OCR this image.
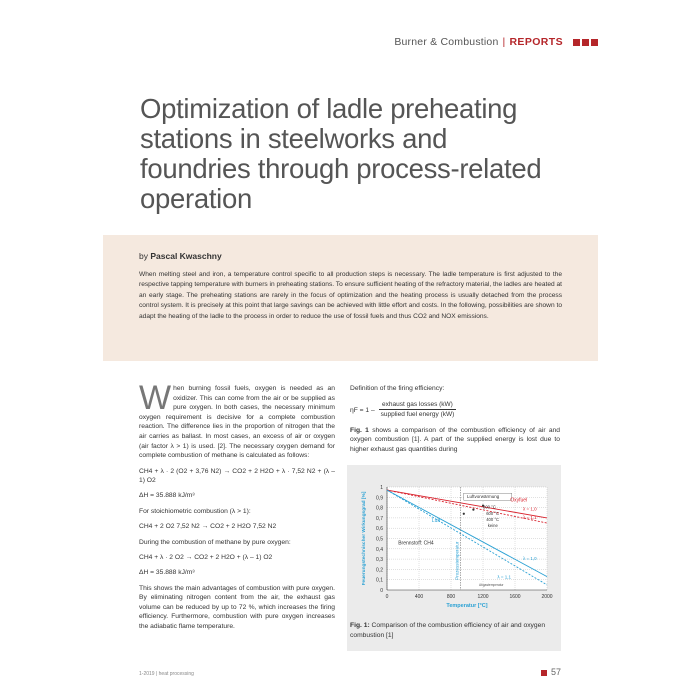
Burner & Combustion | REPORTS
Optimization of ladle preheating stations in steelworks and foundries through process-related operation
by Pascal Kwaschny
When melting steel and iron, a temperature control specific to all production steps is necessary. The ladle temperature is first adjusted to the respective tapping temperature with burners in preheating stations. To ensure sufficient heating of the refractory material, the ladles are heated at an early stage. The preheating stations are rarely in the focus of optimization and the heating process is usually detached from the process control system. It is precisely at this point that large savings can be achieved with little effort and costs. In the following, possibilities are shown to adapt the heating of the ladle to the process in order to reduce the use of fossil fuels and thus CO2 and NOX emissions.

When burning fossil fuels, oxygen is needed as an oxidizer. This can come from the air or be supplied as pure oxygen. In both cases, the necessary minimum oxygen requirement is decisive for a complete combustion reaction. The difference lies in the proportion of nitrogen that the air carries as ballast. In most cases, an excess of air or oxygen (air factor λ > 1) is used. [2]. The necessary oxygen demand for complete combustion of methane is calculated as follows:

CH4 + λ · 2 (O2 + 3,76 N2) → CO2 + 2 H2O + λ · 7,52 N2 + (λ – 1) O2

ΔH = 35.888 kJ/m³

For stoichiometric combustion (λ > 1):

CH4 + 2 O2 7,52 N2 → CO2 + 2 H2O 7,52 N2

During the combustion of methane by pure oxygen:

CH4 + λ · 2 O2 → CO2 + 2 H2O + (λ – 1) O2

ΔH = 35.888 kJ/m³

This shows the main advantages of combustion with pure oxygen. By eliminating nitrogen content from the air, the exhaust gas volume can be reduced by up to 72 %, which increases the firing efficiency. Furthermore, combustion with pure oxygen increases the adiabatic flame temperature.

Definition of the firing efficiency:

$\eta F = 1 - \frac{\text{exhaust gas losses (kW)}}{\text{supplied fuel energy (kW)}}$

Fig. 1 shows a comparison of the combustion efficiency of air and oxygen combustion [1]. A part of the supplied energy is lost due to higher exhaust gas quantities during

0,1
0,2
0,3
0,4
0,5
0,6
0,7
0,8
0,9
1
0
0	400	800	1200	1600	2000
Luftvorwärmung
Oxyfuel
800 °C
600 °C
400 °C
keine
λ = 1,0
λ = 1,1
Luft
λ = 1,0
λ = 1,1
Brennstoff: CH4	Prozesstemperatur
Abgastemperatur
Temperatur [°C]
Feuerungstechnischer Wirkungsgrad [%]
Fig. 1: Comparison of the combustion efficiency of air and oxygen combustion [1]
1-2019 | heat processing	57
